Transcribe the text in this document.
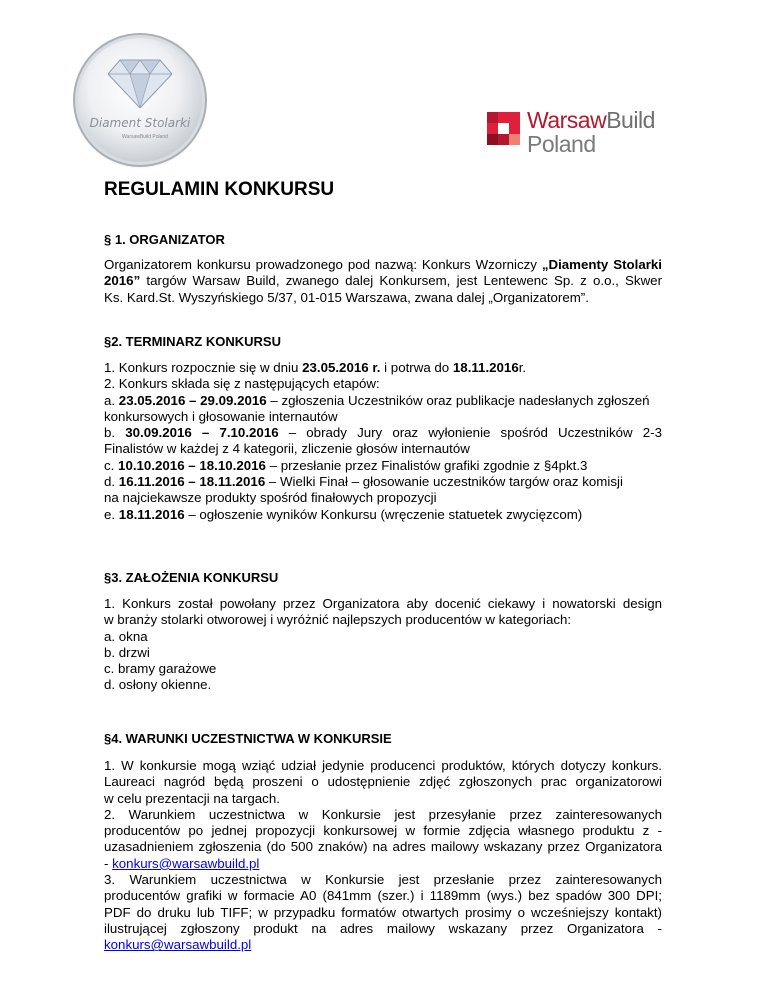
Diament Stolarki
WarsawBuild Poland
WarsawBuild
Poland
REGULAMIN KONKURSU
§ 1. ORGANIZATOR
Organizatorem konkursu prowadzonego pod nazwą: Konkurs Wzorniczy „Diamenty Stolarki
2016” targów Warsaw Build, zwanego dalej Konkursem, jest Lentewenc Sp. z o.o., Skwer
Ks. Kard.St. Wyszyńskiego 5/37, 01-015 Warszawa, zwana dalej „Organizatorem”.
§2. TERMINARZ KONKURSU
1. Konkurs rozpocznie się w dniu 23.05.2016 r. i potrwa do 18.11.2016r.
2. Konkurs składa się z następujących etapów:
a. 23.05.2016 – 29.09.2016 – zgłoszenia Uczestników oraz publikacje nadesłanych zgłoszeń
konkursowych i głosowanie internautów
b. 30.09.2016 – 7.10.2016 – obrady Jury oraz wyłonienie spośród Uczestników 2-3
Finalistów w każdej z 4 kategorii, zliczenie głosów internautów
c. 10.10.2016 – 18.10.2016 – przesłanie przez Finalistów grafiki zgodnie z §4pkt.3
d. 16.11.2016 – 18.11.2016 – Wielki Finał – głosowanie uczestników targów oraz komisji
na najciekawsze produkty spośród finałowych propozycji
e. 18.11.2016 – ogłoszenie wyników Konkursu (wręczenie statuetek zwycięzcom)
§3. ZAŁOŻENIA KONKURSU
1. Konkurs został powołany przez Organizatora aby docenić ciekawy i nowatorski design
w branży stolarki otworowej i wyróżnić najlepszych producentów w kategoriach:
a. okna
b. drzwi
c. bramy garażowe
d. osłony okienne.
§4. WARUNKI UCZESTNICTWA W KONKURSIE
1. W konkursie mogą wziąć udział jedynie producenci produktów, których dotyczy konkurs.
Laureaci nagród będą proszeni o udostępnienie zdjęć zgłoszonych prac organizatorowi
w celu prezentacji na targach.
2. Warunkiem uczestnictwa w Konkursie jest przesyłanie przez zainteresowanych
producentów po jednej propozycji konkursowej w formie zdjęcia własnego produktu z -
uzasadnieniem zgłoszenia (do 500 znaków) na adres mailowy wskazany przez Organizatora
- konkurs@warsawbuild.pl
3. Warunkiem uczestnictwa w Konkursie jest przesłanie przez zainteresowanych
producentów grafiki w formacie A0 (841mm (szer.) i 1189mm (wys.) bez spadów 300 DPI;
PDF do druku lub TIFF; w przypadku formatów otwartych prosimy o wcześniejszy kontakt)
ilustrującej zgłoszony produkt na adres mailowy wskazany przez Organizatora -
konkurs@warsawbuild.pl
